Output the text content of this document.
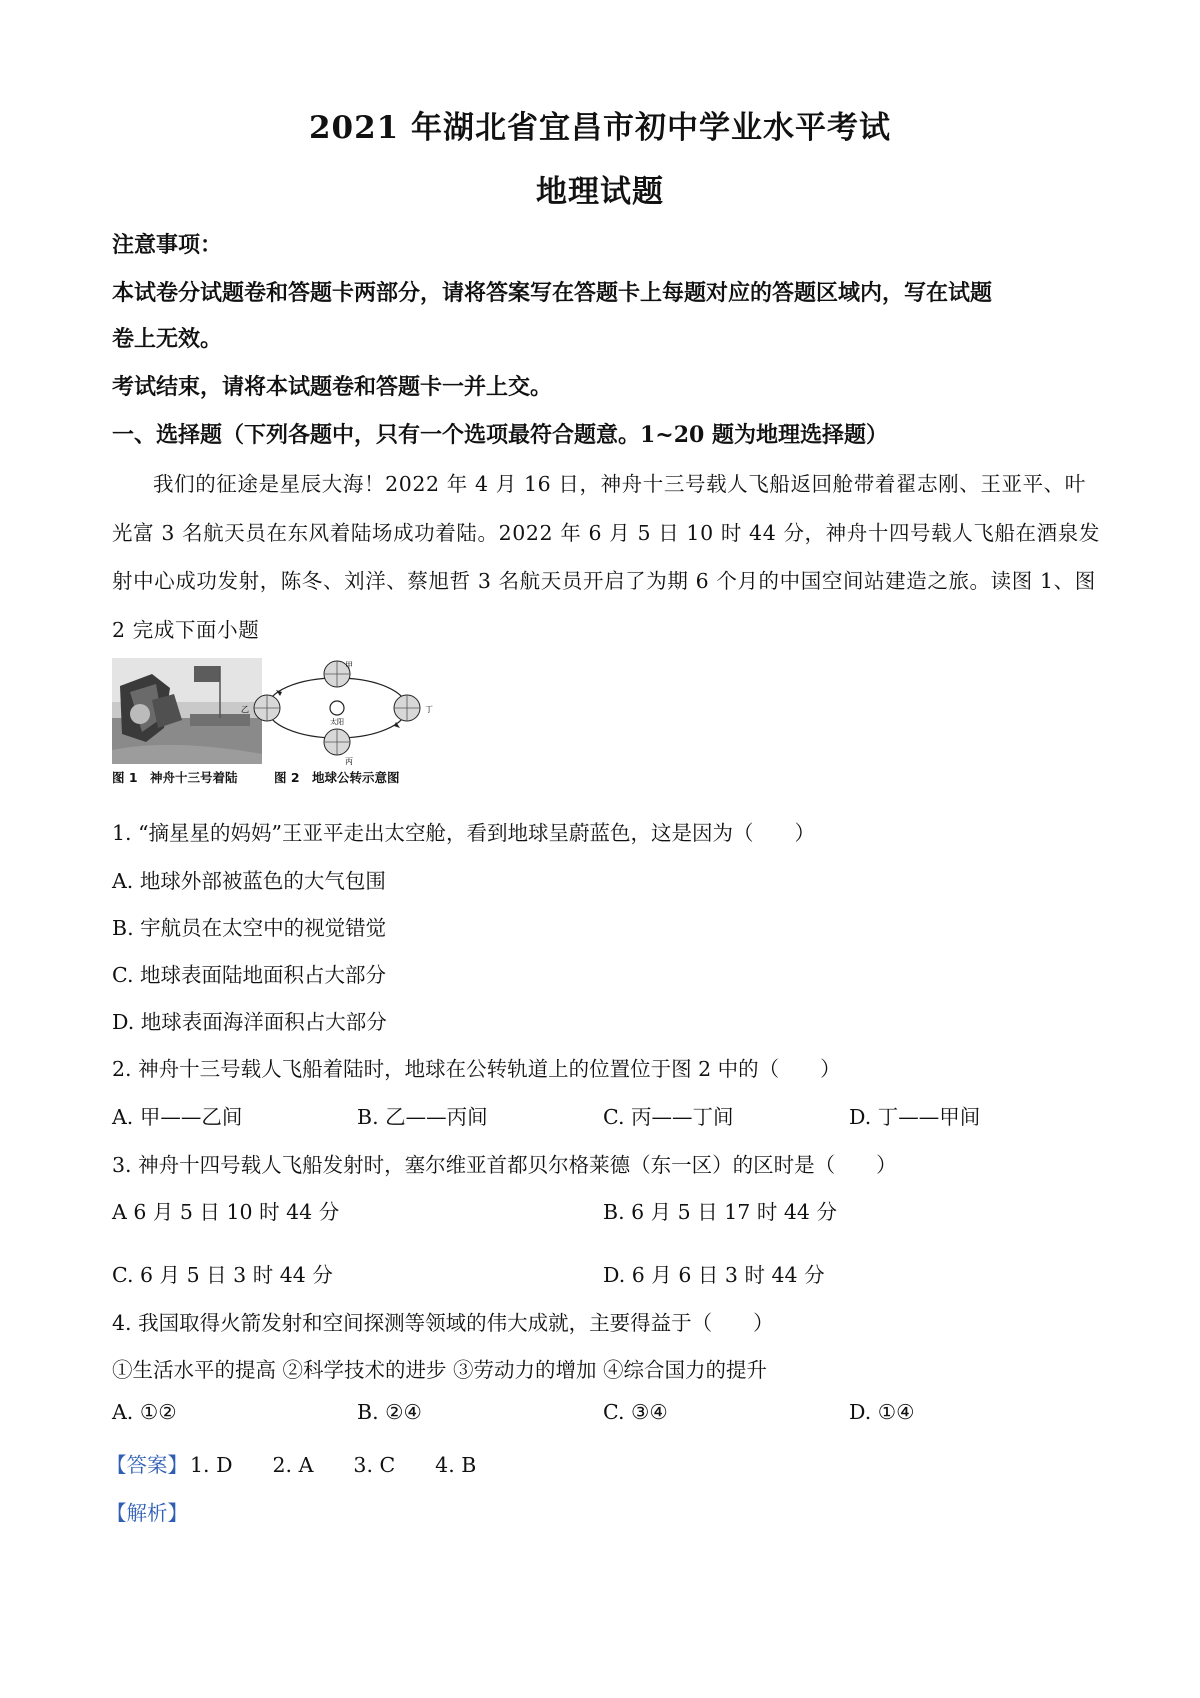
2021 年湖北省宜昌市初中学业水平考试
地理试题
注意事项：
本试卷分试题卷和答题卡两部分，请将答案写在答题卡上每题对应的答题区域内，写在试题
卷上无效。
考试结束，请将本试题卷和答题卡一并上交。
一、选择题（下列各题中，只有一个选项最符合题意。1~20 题为地理选择题）
我们的征途是星辰大海！2022 年 4 月 16 日，神舟十三号载人飞船返回舱带着翟志刚、王亚平、叶光富 3 名航天员在东风着陆场成功着陆。2022 年 6 月 5 日 10 时 44 分，神舟十四号载人飞船在酒泉发射中心成功发射，陈冬、刘洋、蔡旭哲 3 名航天员开启了为期 6 个月的中国空间站建造之旅。读图 1、图 2 完成下面小题
甲
乙
丙
丁
太阳
图 1　神舟十三号着陆	图 2　地球公转示意图
1. “摘星星的妈妈”王亚平走出太空舱，看到地球呈蔚蓝色，这是因为（　　）
A. 地球外部被蓝色的大气包围
B. 宇航员在太空中的视觉错觉
C. 地球表面陆地面积占大部分
D. 地球表面海洋面积占大部分
2. 神舟十三号载人飞船着陆时，地球在公转轨道上的位置位于图 2 中的（　　）
A. 甲——乙间	B. 乙——丙间	C. 丙——丁间	D. 丁——甲间
3. 神舟十四号载人飞船发射时，塞尔维亚首都贝尔格莱德（东一区）的区时是（　　）
A 6 月 5 日 10 时 44 分	B. 6 月 5 日 17 时 44 分
C. 6 月 5 日 3 时 44 分	D. 6 月 6 日 3 时 44 分
4. 我国取得火箭发射和空间探测等领域的伟大成就，主要得益于（　　）
①生活水平的提高 ②科学技术的进步 ③劳动力的增加 ④综合国力的提升
A. ①②	B. ②④	C. ③④	D. ①④
【答案】1. D 2. A 3. C 4. B
【解析】
